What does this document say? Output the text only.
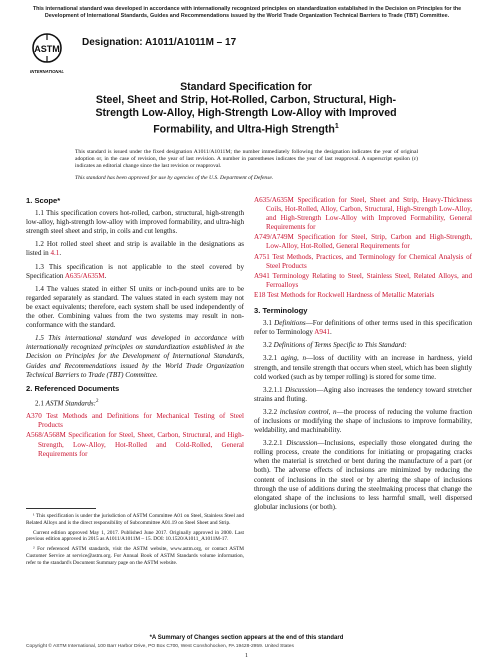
This international standard was developed in accordance with internationally recognized principles on standardization established in the Decision on Principles for the Development of International Standards, Guides and Recommendations issued by the World Trade Organization Technical Barriers to Trade (TBT) Committee.
ASTM
INTERNATIONAL
Designation: A1011/A1011M – 17
Standard Specification for
Steel, Sheet and Strip, Hot-Rolled, Carbon, Structural, High-Strength Low-Alloy, High-Strength Low-Alloy with Improved Formability, and Ultra-High Strength$^1$
This standard is issued under the fixed designation A1011/A1011M; the number immediately following the designation indicates the year of original adoption or, in the case of revision, the year of last revision. A number in parentheses indicates the year of last reapproval. A superscript epsilon (ε) indicates an editorial change since the last revision or reapproval.
This standard has been approved for use by agencies of the U.S. Department of Defense.
1. Scope*

1.1 This specification covers hot-rolled, carbon, structural, high-strength low-alloy, high-strength low-alloy with improved formability, and ultra-high strength steel sheet and strip, in coils and cut lengths.

1.2 Hot rolled steel sheet and strip is available in the designations as listed in 4.1.

1.3 This specification is not applicable to the steel covered by Specification A635/A635M.

1.4 The values stated in either SI units or inch-pound units are to be regarded separately as standard. The values stated in each system may not be exact equivalents; therefore, each system shall be used independently of the other. Combining values from the two systems may result in non-conformance with the standard.

1.5 This international standard was developed in accordance with internationally recognized principles on standardization established in the Decision on Principles for the Development of International Standards, Guides and Recommendations issued by the World Trade Organization Technical Barriers to Trade (TBT) Committee.

2. Referenced Documents

2.1 ASTM Standards:$^2$

A370 Test Methods and Definitions for Mechanical Testing of Steel Products
A568/A568M Specification for Steel, Sheet, Carbon, Structural, and High-Strength, Low-Alloy, Hot-Rolled and Cold-Rolled, General Requirements for
A635/A635M Specification for Steel, Sheet and Strip, Heavy-Thickness Coils, Hot-Rolled, Alloy, Carbon, Structural, High-Strength Low-Alloy, and High-Strength Low-Alloy with Improved Formability, General Requirements for
A749/A749M Specification for Steel, Strip, Carbon and High-Strength, Low-Alloy, Hot-Rolled, General Requirements for
A751 Test Methods, Practices, and Terminology for Chemical Analysis of Steel Products
A941 Terminology Relating to Steel, Stainless Steel, Related Alloys, and Ferroalloys
E18 Test Methods for Rockwell Hardness of Metallic Materials
3. Terminology

3.1 Definitions—For definitions of other terms used in this specification refer to Terminology A941.

3.2 Definitions of Terms Specific to This Standard:

3.2.1 aging, n—loss of ductility with an increase in hardness, yield strength, and tensile strength that occurs when steel, which has been slightly cold worked (such as by temper rolling) is stored for some time.

3.2.1.1 Discussion—Aging also increases the tendency toward stretcher strains and fluting.

3.2.2 inclusion control, n—the process of reducing the volume fraction of inclusions or modifying the shape of inclusions to improve formability, weldability, and machinability.

3.2.2.1 Discussion—Inclusions, especially those elongated during the rolling process, create the conditions for initiating or propagating cracks when the material is stretched or bent during the manufacture of a part (or both). The adverse effects of inclusions are minimized by reducing the content of inclusions in the steel or by altering the shape of inclusions through the use of additions during the steelmaking process that change the elongated shape of the inclusions to less harmful small, well dispersed globular inclusions (or both).

¹ This specification is under the jurisdiction of ASTM Committee A01 on Steel, Stainless Steel and Related Alloys and is the direct responsibility of Subcommittee A01.19 on Steel Sheet and Strip.

Current edition approved May 1, 2017. Published June 2017. Originally approved in 2000. Last previous edition approved in 2015 as A1011/A1011M – 15. DOI: 10.1520/A1011_A1011M-17.

² For referenced ASTM standards, visit the ASTM website, www.astm.org, or contact ASTM Customer Service at service@astm.org. For Annual Book of ASTM Standards volume information, refer to the standard's Document Summary page on the ASTM website.

*A Summary of Changes section appears at the end of this standard
Copyright © ASTM International, 100 Barr Harbor Drive, PO Box C700, West Conshohocken, PA 19428-2959. United States
1
